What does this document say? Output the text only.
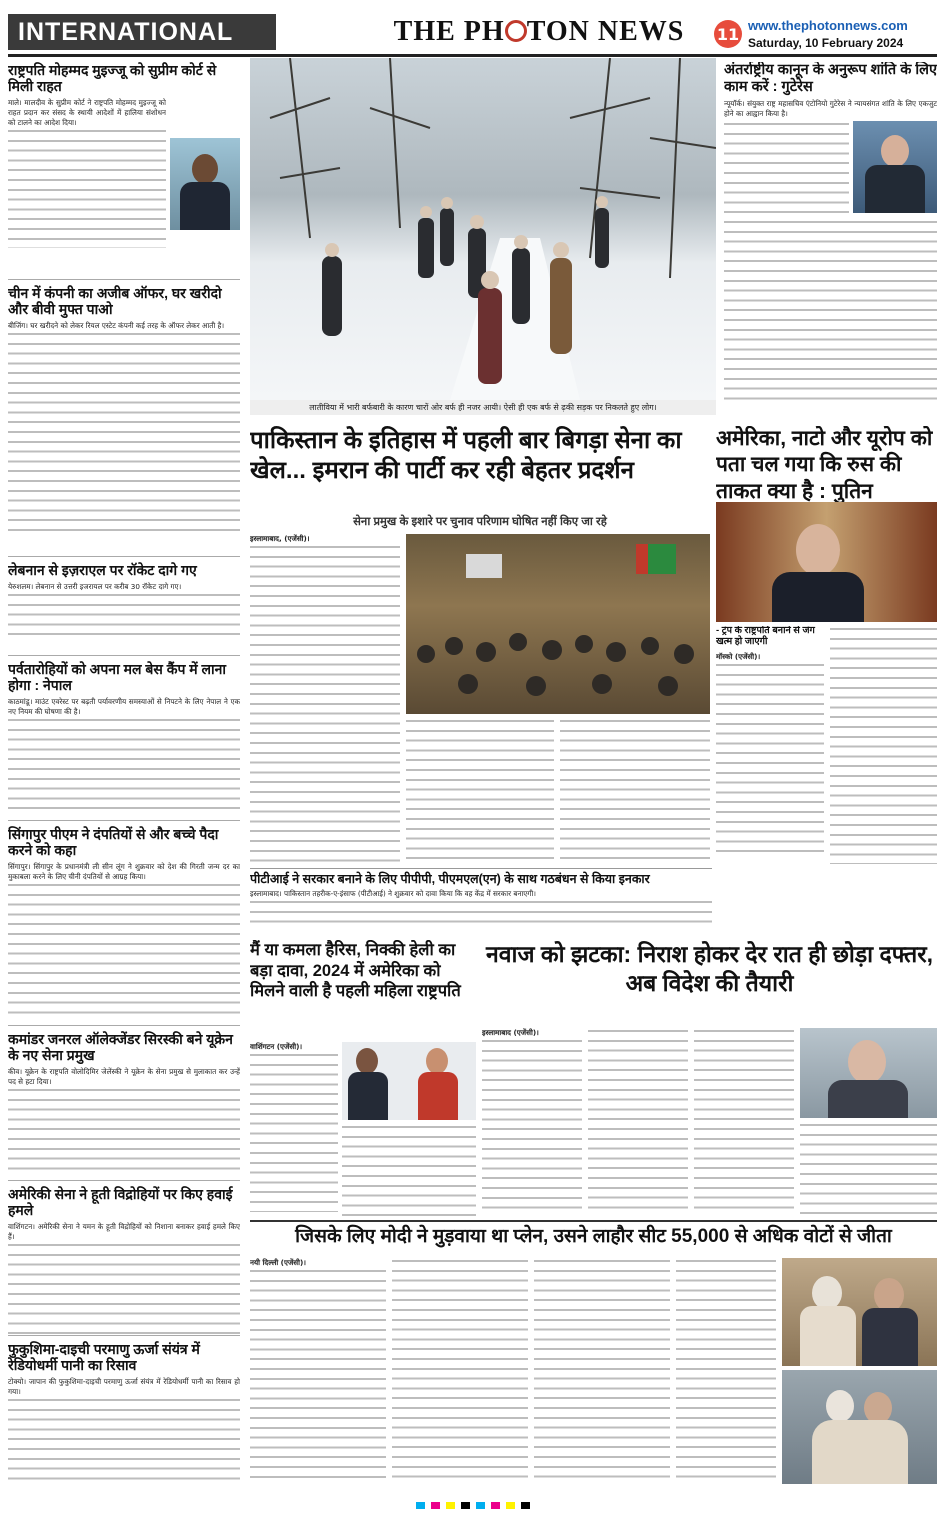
INTERNATIONAL	THE PH TON NEWS	11 www.thephotonnews.com
Saturday, 10 February 2024
राष्ट्रपति मोहम्मद मुइज्जू को सुप्रीम कोर्ट से मिली राहत
माले। मालदीव के सुप्रीम कोर्ट ने राष्ट्रपति मोहम्मद मुइज्जू को राहत प्रदान कर संसद के स्थायी आदेशों में हालिया संशोधन को टालने का आदेश दिया।
चीन में कंपनी का अजीब ऑफर, घर खरीदो और बीवी मुफ्त पाओ
बीजिंग। घर खरीदने को लेकर रियल एस्टेट कंपनी कई तरह के ऑफर लेकर आती है।
लेबनान से इज़राएल पर रॉकेट दागे गए
येरुशलम। लेबनान से उत्तरी इजरायल पर करीब 30 रॉकेट दागे गए।
पर्वतारोहियों को अपना मल बेस कैंप में लाना होगा : नेपाल
काठमांडू। माउंट एवरेस्ट पर बढ़ती पर्यावरणीय समस्याओं से निपटने के लिए नेपाल ने एक नए नियम की घोषणा की है।
सिंगापुर पीएम ने दंपतियों से और बच्चे पैदा करने को कहा
सिंगापुर। सिंगापुर के प्रधानमंत्री ली सीन लूंग ने शुक्रवार को देश की गिरती जन्म दर का मुकाबला करने के लिए चीनी दंपतियों से आग्रह किया।
कमांडर जनरल ऑलेक्जेंडर सिरस्की बने यूक्रेन के नए सेना प्रमुख
कीव। यूक्रेन के राष्ट्रपति वोलोदिमिर जेलेंस्की ने यूक्रेन के सेना प्रमुख से मुलाकात कर उन्हें पद से हटा दिया।
अमेरिकी सेना ने हूती विद्रोहियों पर किए हवाई हमले
वाशिंगटन। अमेरिकी सेना ने यमन के हूती विद्रोहियों को निशाना बनाकर हवाई हमले किए हैं।
फुकुशिमा-दाइची परमाणु ऊर्जा संयंत्र में रेडियोधर्मी पानी का रिसाव
टोक्यो। जापान की फुकुशिमा-दाइची परमाणु ऊर्जा संयंत्र में रेडियोधर्मी पानी का रिसाव हो गया।
लातीविया में भारी बर्फबारी के कारण चारों ओर बर्फ ही नजर आयी। ऐसी ही एक बर्फ से ढ़की सड़क पर निकलते हुए लोग।
अंतर्राष्ट्रीय कानून के अनुरूप शांति के लिए काम करें : गुटेरेस
न्यूयॉर्क। संयुक्त राष्ट्र महासचिव एंटोनियो गुटेरेस ने न्यायसंगत शांति के लिए एकजुट होने का आह्वान किया है।
पाकिस्तान के इतिहास में पहली बार बिगड़ा सेना का खेल... इमरान की पार्टी कर रही बेहतर प्रदर्शन
सेना प्रमुख के इशारे पर चुनाव परिणाम घोषित नहीं किए जा रहे
इस्लामाबाद, (एजेंसी)।
अमेरिका, नाटो और यूरोप को पता चल गया कि रुस की ताकत क्या है : पुतिन
- ट्रंप के राष्ट्रपति बनाने से जंग खत्म हो जाएगी
मॉस्को (एजेंसी)।
पीटीआई ने सरकार बनाने के लिए पीपीपी, पीएमएल(एन) के साथ गठबंधन से किया इनकार
इस्लामाबाद। पाकिस्तान तहरीक-ए-इंसाफ (पीटीआई) ने शुक्रवार को दावा किया कि वह केंद्र में सरकार बनाएगी।
मैं या कमला हैरिस, निक्की हेली का बड़ा दावा, 2024 में अमेरिका को मिलने वाली है पहली महिला राष्ट्रपति
वाशिंगटन (एजेंसी)।
नवाज को झटका: निराश होकर देर रात ही छोड़ा दफ्तर, अब विदेश की तैयारी
इस्लामाबाद (एजेंसी)।
जिसके लिए मोदी ने मुड़वाया था प्लेन, उसने लाहौर सीट 55,000 से अधिक वोटों से जीता
नयी दिल्ली (एजेंसी)।
